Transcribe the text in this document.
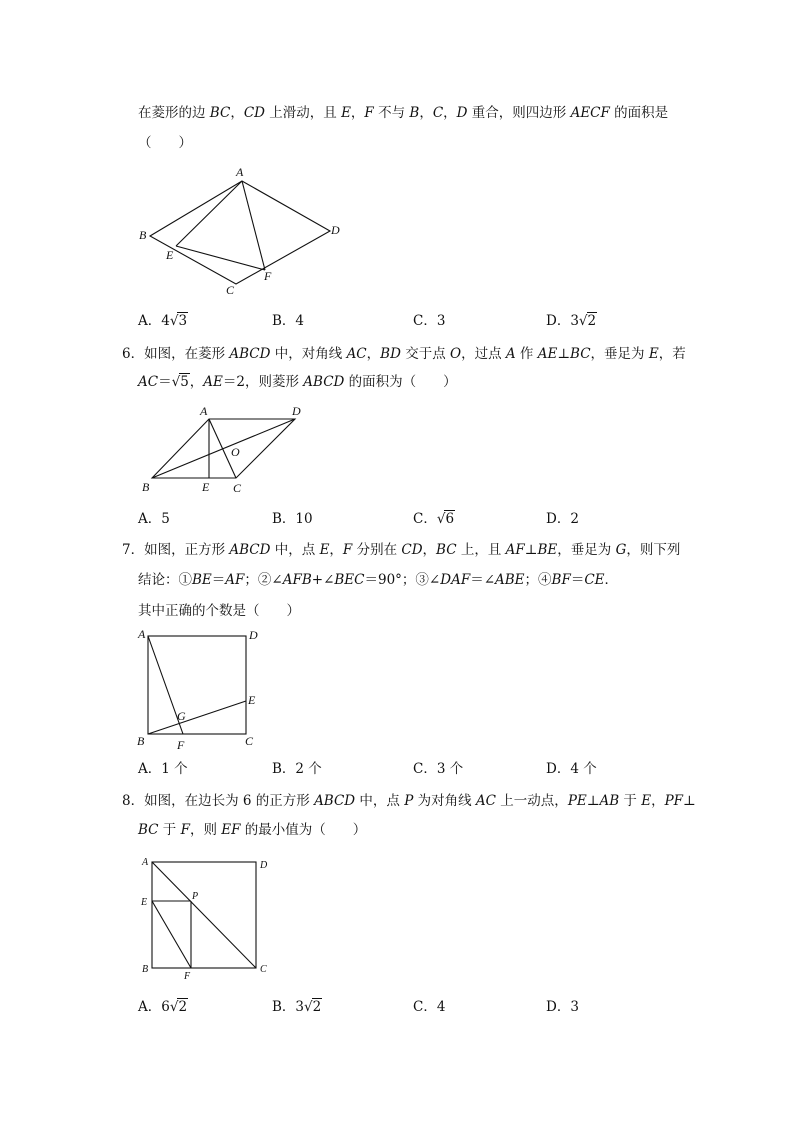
在菱形的边 BC，CD 上滑动，且 E，F 不与 B，C，D 重合，则四边形 AECF 的面积是
（　　）
A
B
C
D
E
F
A．4√3	B．4	C．3	D．3√2
6．如图，在菱形 ABCD 中，对角线 AC，BD 交于点 O，过点 A 作 AE⊥BC，垂足为 E，若
AC＝√5，AE＝2，则菱形 ABCD 的面积为（　　）
A	D
O
B	E C
A．5	B．10	C．√6	D．2
7．如图，正方形 ABCD 中，点 E，F 分别在 CD，BC 上，且 AF⊥BE，垂足为 G，则下列
结论：①BE＝AF；②∠AFB+∠BEC＝90°；③∠DAF＝∠ABE；④BF＝CE．
其中正确的个数是（　　）
A	D
E
G
B	F	C
A．1 个	B．2 个	C．3 个	D．4 个
8．如图，在边长为 6 的正方形 ABCD 中，点 P 为对角线 AC 上一动点，PE⊥AB 于 E，PF⊥
BC 于 F，则 EF 的最小值为（　　）
A	D
P
E
B
F
C
A．6√2	B．3√2	C．4	D．3
